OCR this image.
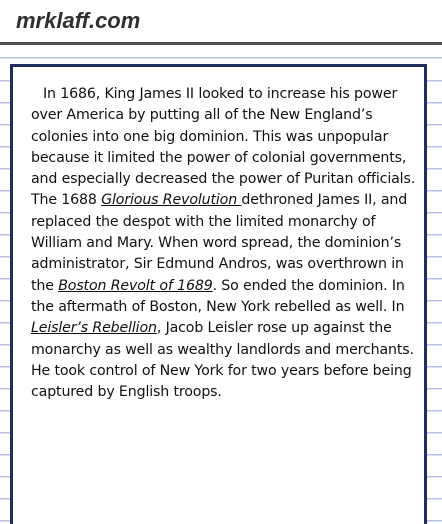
mrklaff.com

In 1686, King James II looked to increase his power over America by putting all of the New England’s colonies into one big dominion. This was unpopular because it limited the power of colonial governments, and especially decreased the power of Puritan officials. The 1688 Glorious Revolution dethroned James II, and replaced the despot with the limited monarchy of William and Mary. When word spread, the dominion’s administrator, Sir Edmund Andros, was overthrown in the Boston Revolt of 1689. So ended the dominion. In the aftermath of Boston, New York rebelled as well. In Leisler’s Rebellion, Jacob Leisler rose up against the monarchy as well as wealthy landlords and merchants. He took control of New York for two years before being captured by English troops.
